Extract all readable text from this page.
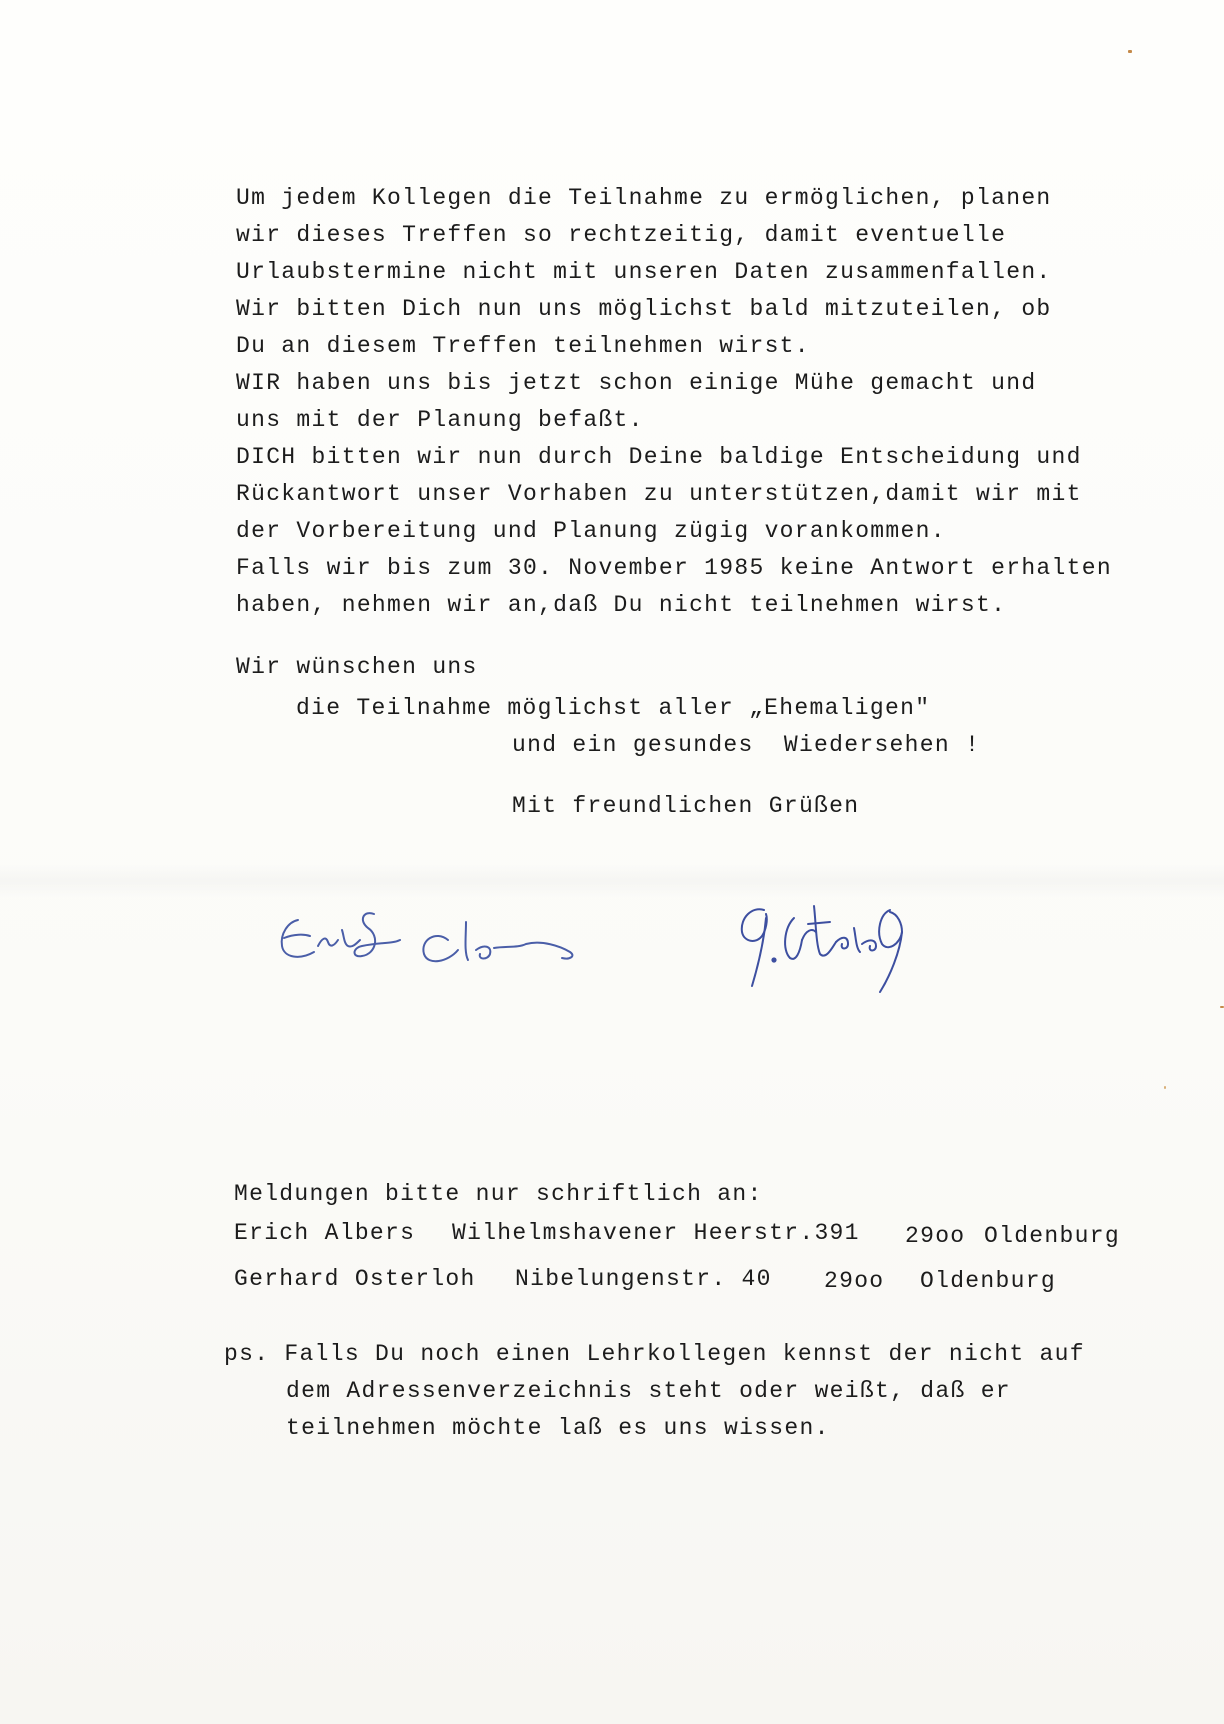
Um jedem Kollegen die Teilnahme zu ermöglichen, planen
wir dieses Treffen so rechtzeitig, damit eventuelle
Urlaubstermine nicht mit unseren Daten zusammenfallen.
Wir bitten Dich nun uns möglichst bald mitzuteilen, ob
Du an diesem Treffen teilnehmen wirst.
WIR haben uns bis jetzt schon einige Mühe gemacht und
uns mit der Planung befaßt.
DICH bitten wir nun durch Deine baldige Entscheidung und
Rückantwort unser Vorhaben zu unterstützen,damit wir mit
der Vorbereitung und Planung zügig vorankommen.
Falls wir bis zum 30. November 1985 keine Antwort erhalten
haben, nehmen wir an,daß Du nicht teilnehmen wirst.
Wir wünschen uns
die Teilnahme möglichst aller „Ehemaligen"
und ein gesundes  Wiedersehen !
Mit freundlichen Grüßen
Meldungen bitte nur schriftlich an:
Erich Albers Wilhelmshavener Heerstr.391 29oo Oldenburg
Gerhard Osterloh Nibelungenstr. 40 29oo Oldenburg
ps. Falls Du noch einen Lehrkollegen kennst der nicht auf
dem Adressenverzeichnis steht oder weißt, daß er
teilnehmen möchte laß es uns wissen.
